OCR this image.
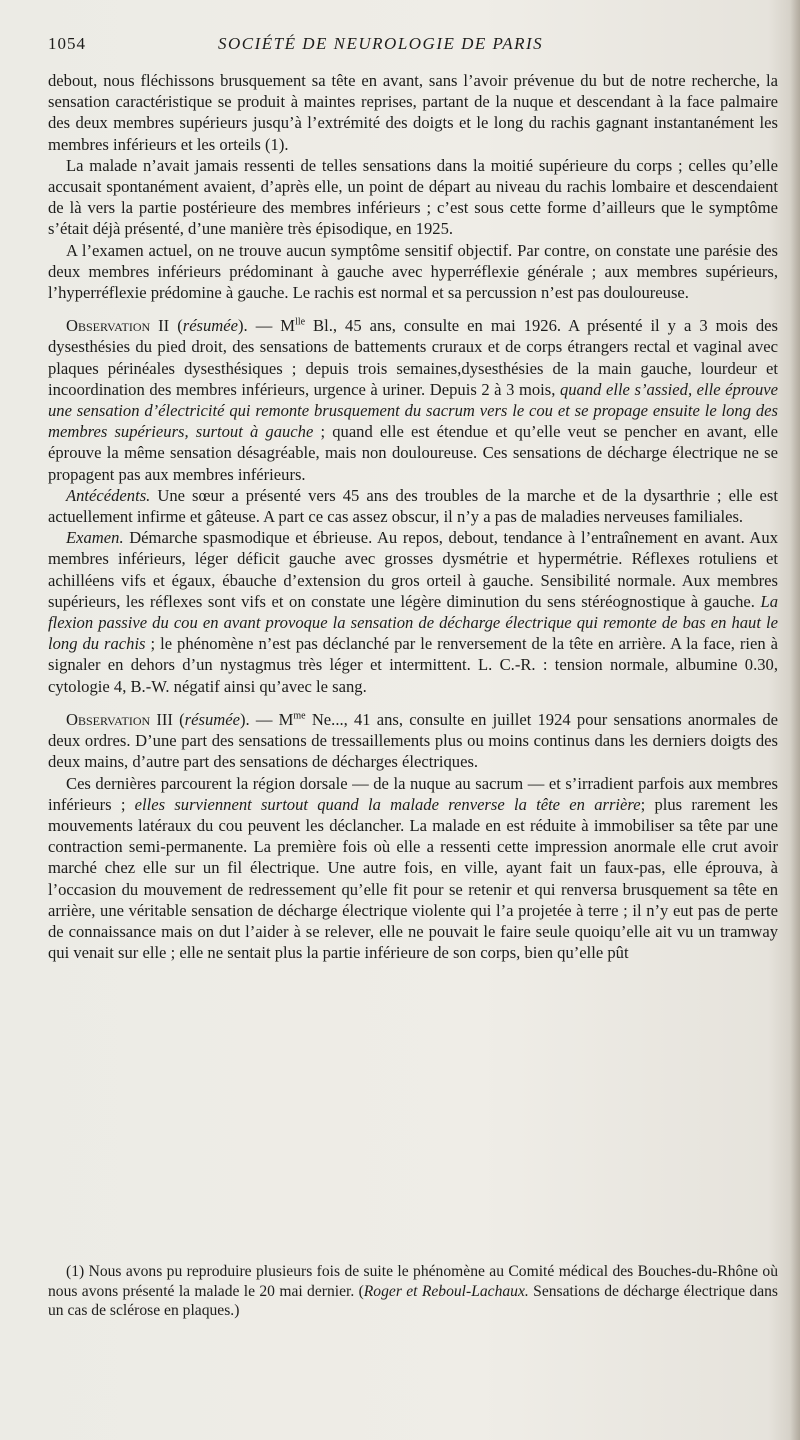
1054	SOCIÉTÉ DE NEUROLOGIE DE PARIS

debout, nous fléchissons brusquement sa tête en avant, sans l’avoir prévenue du but de notre recherche, la sensation caractéristique se produit à maintes reprises, partant de la nuque et descendant à la face palmaire des deux membres supérieurs jusqu’à l’extrémité des doigts et le long du rachis gagnant instantanément les membres inférieurs et les orteils (1).

La malade n’avait jamais ressenti de telles sensations dans la moitié supérieure du corps ; celles qu’elle accusait spontanément avaient, d’après elle, un point de départ au niveau du rachis lombaire et descendaient de là vers la partie postérieure des membres inférieurs ; c’est sous cette forme d’ailleurs que le symptôme s’était déjà présenté, d’une manière très épisodique, en 1925.

A l’examen actuel, on ne trouve aucun symptôme sensitif objectif. Par contre, on constate une parésie des deux membres inférieurs prédominant à gauche avec hyperréflexie générale ; aux membres supérieurs, l’hyperréflexie prédomine à gauche. Le rachis est normal et sa percussion n’est pas douloureuse.

Observation II (résumée). — $M^{lle}$ Bl., 45 ans, consulte en mai 1926. A présenté il y a 3 mois des dysesthésies du pied droit, des sensations de battements cruraux et de corps étrangers rectal et vaginal avec plaques périnéales dysesthésiques ; depuis trois semaines,dysesthésies de la main gauche, lourdeur et incoordination des membres inférieurs, urgence à uriner. Depuis 2 à 3 mois, quand elle s’assied, elle éprouve une sensation d’électricité qui remonte brusquement du sacrum vers le cou et se propage ensuite le long des membres supérieurs, surtout à gauche ; quand elle est étendue et qu’elle veut se pencher en avant, elle éprouve la même sensation désagréable, mais non douloureuse. Ces sensations de décharge électrique ne se propagent pas aux membres inférieurs.

Antécédents. Une sœur a présenté vers 45 ans des troubles de la marche et de la dysarthrie ; elle est actuellement infirme et gâteuse. A part ce cas assez obscur, il n’y a pas de maladies nerveuses familiales.

Examen. Démarche spasmodique et ébrieuse. Au repos, debout, tendance à l’entraînement en avant. Aux membres inférieurs, léger déficit gauche avec grosses dysmétrie et hypermétrie. Réflexes rotuliens et achilléens vifs et égaux, ébauche d’extension du gros orteil à gauche. Sensibilité normale. Aux membres supérieurs, les réflexes sont vifs et on constate une légère diminution du sens stéréognostique à gauche. La flexion passive du cou en avant provoque la sensation de décharge électrique qui remonte de bas en haut le long du rachis ; le phénomène n’est pas déclanché par le renversement de la tête en arrière. A la face, rien à signaler en dehors d’un nystagmus très léger et intermittent. L. C.-R. : tension normale, albumine 0.30, cytologie 4, B.-W. négatif ainsi qu’avec le sang.

Observation III (résumée). — $M^{me}$ Ne..., 41 ans, consulte en juillet 1924 pour sensations anormales de deux ordres. D’une part des sensations de tressaillements plus ou moins continus dans les derniers doigts des deux mains, d’autre part des sensations de décharges électriques.

Ces dernières parcourent la région dorsale — de la nuque au sacrum — et s’irradient parfois aux membres inférieurs ; elles surviennent surtout quand la malade renverse la tête en arrière; plus rarement les mouvements latéraux du cou peuvent les déclancher. La malade en est réduite à immobiliser sa tête par une contraction semi-permanente. La première fois où elle a ressenti cette impression anormale elle crut avoir marché chez elle sur un fil électrique. Une autre fois, en ville, ayant fait un faux-pas, elle éprouva, à l’occasion du mouvement de redressement qu’elle fit pour se retenir et qui renversa brusquement sa tête en arrière, une véritable sensation de décharge électrique violente qui l’a projetée à terre ; il n’y eut pas de perte de connaissance mais on dut l’aider à se relever, elle ne pouvait le faire seule quoiqu’elle ait vu un tramway qui venait sur elle ; elle ne sentait plus la partie inférieure de son corps, bien qu’elle pût

(1) Nous avons pu reproduire plusieurs fois de suite le phénomène au Comité médical des Bouches-du-Rhône où nous avons présenté la malade le 20 mai dernier. (Roger et Reboul-Lachaux. Sensations de décharge électrique dans un cas de sclérose en plaques.)
